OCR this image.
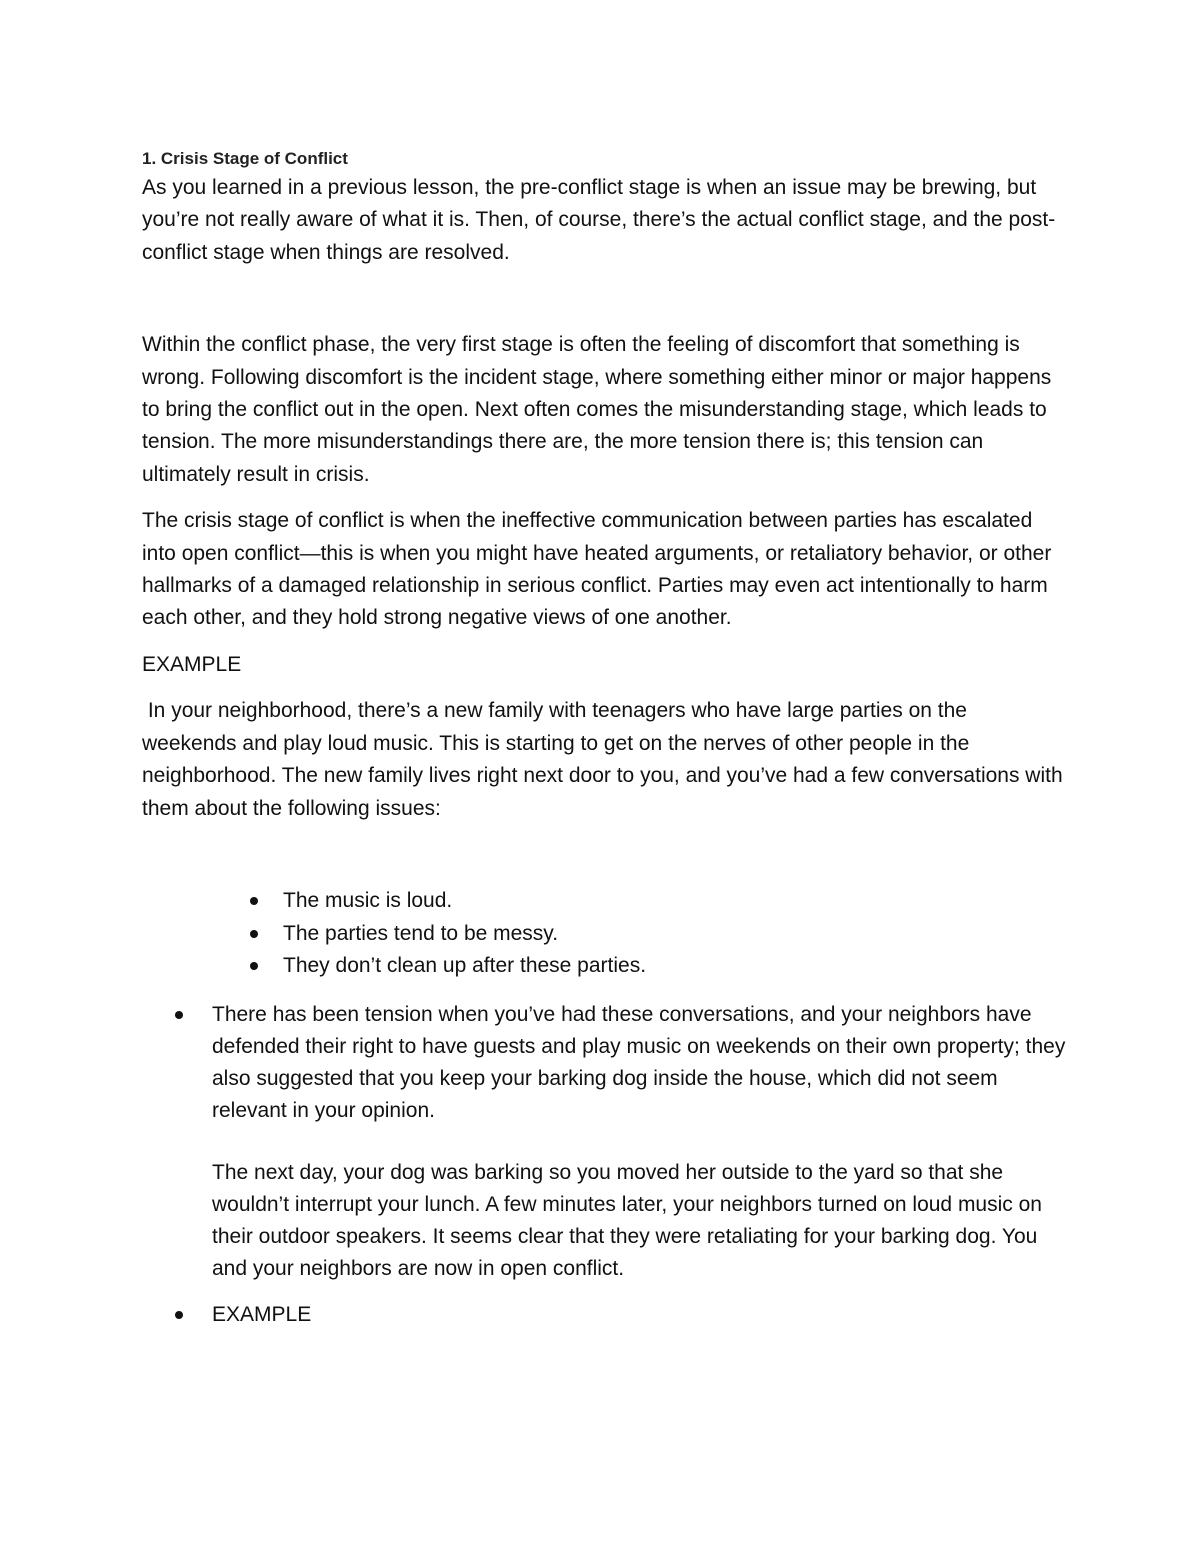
1. Crisis Stage of Conflict

As you learned in a previous lesson, the pre-conflict stage is when an issue may be brewing, but you’re not really aware of what it is. Then, of course, there’s the actual conflict stage, and the post-conflict stage when things are resolved.

Within the conflict phase, the very first stage is often the feeling of discomfort that something is wrong. Following discomfort is the incident stage, where something either minor or major happens to bring the conflict out in the open. Next often comes the misunderstanding stage, which leads to tension. The more misunderstandings there are, the more tension there is; this tension can ultimately result in crisis.

The crisis stage of conflict is when the ineffective communication between parties has escalated into open conflict—this is when you might have heated arguments, or retaliatory behavior, or other hallmarks of a damaged relationship in serious conflict. Parties may even act intentionally to harm each other, and they hold strong negative views of one another.

EXAMPLE

In your neighborhood, there’s a new family with teenagers who have large parties on the weekends and play loud music. This is starting to get on the nerves of other people in the neighborhood. The new family lives right next door to you, and you’ve had a few conversations with them about the following issues:

The music is loud.
The parties tend to be messy.
They don’t clean up after these parties.
There has been tension when you’ve had these conversations, and your neighbors have defended their right to have guests and play music on weekends on their own property; they also suggested that you keep your barking dog inside the house, which did not seem relevant in your opinion.
The next day, your dog was barking so you moved her outside to the yard so that she wouldn’t interrupt your lunch. A few minutes later, your neighbors turned on loud music on their outdoor speakers. It seems clear that they were retaliating for your barking dog. You and your neighbors are now in open conflict.
EXAMPLE
